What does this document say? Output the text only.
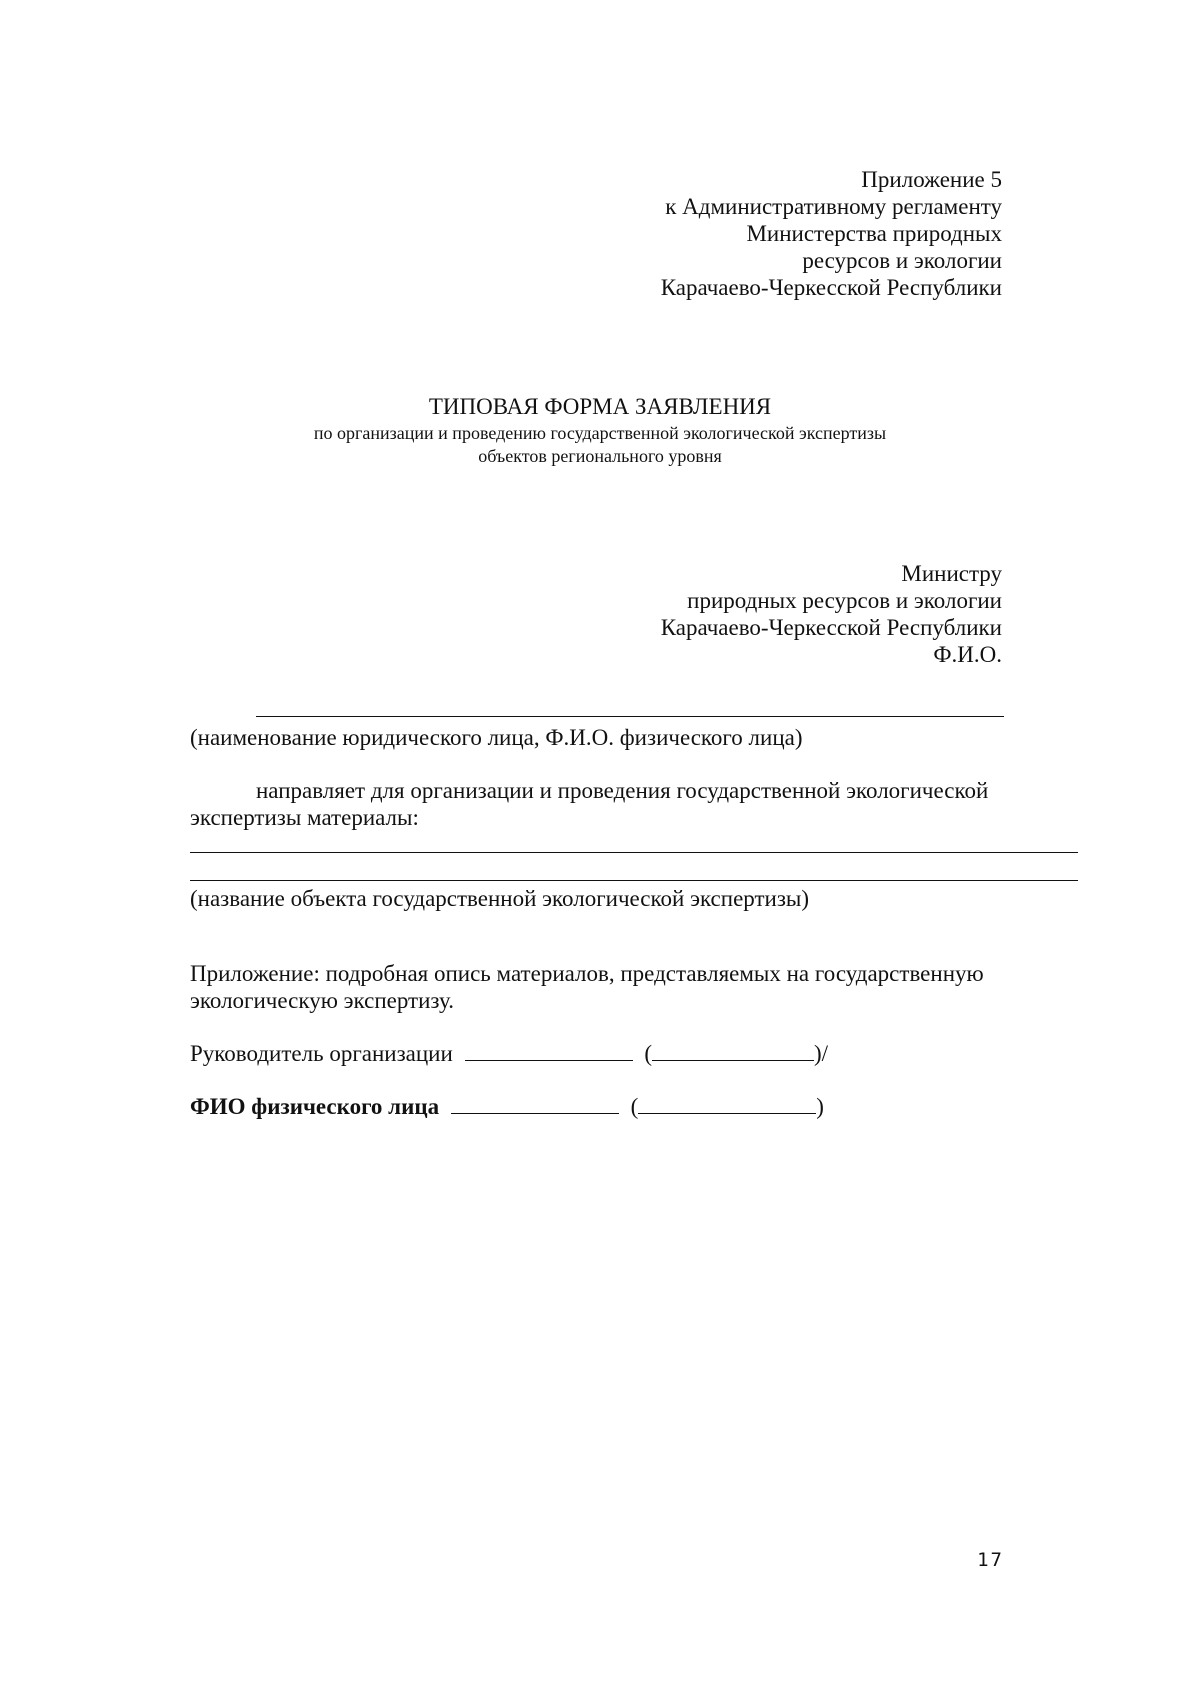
Приложение 5
к Административному регламенту
Министерства природных
ресурсов и экологии
Карачаево-Черкесской Республики
ТИПОВАЯ ФОРМА ЗАЯВЛЕНИЯ
по организации и проведению государственной экологической экспертизы
объектов регионального уровня
Министру
природных ресурсов и экологии
Карачаево-Черкесской Республики
Ф.И.О.
(наименование юридического лица, Ф.И.О. физического лица)
направляет для организации и проведения государственной экологической
экспертизы материалы:
(название объекта государственной экологической экспертизы)
Приложение: подробная опись материалов, представляемых на государственную
экологическую экспертизу.
Руководитель организации	(	)/
ФИО физического лица	(	)
17
